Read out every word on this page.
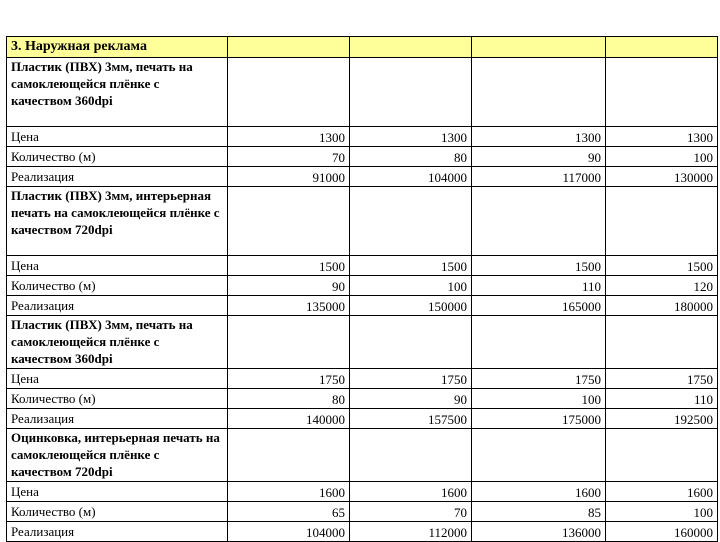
3. Наружная реклама				
Пластик (ПВХ) 3мм, печать на самоклеющейся плёнке с качеством 360dpi				
Цена	1300	1300	1300	1300
Количество (м)	70	80	90	100
Реализация	91000	104000	117000	130000
Пластик (ПВХ) 3мм, интерьерная печать на самоклеющейся плёнке с качеством 720dpi				
Цена	1500	1500	1500	1500
Количество (м)	90	100	110	120
Реализация	135000	150000	165000	180000
Пластик (ПВХ) 3мм, печать на самоклеющейся плёнке с качеством 360dpi				
Цена	1750	1750	1750	1750
Количество (м)	80	90	100	110
Реализация	140000	157500	175000	192500
Оцинковка, интерьерная печать на самоклеющейся плёнке с качеством 720dpi				
Цена	1600	1600	1600	1600
Количество (м)	65	70	85	100
Реализация	104000	112000	136000	160000
